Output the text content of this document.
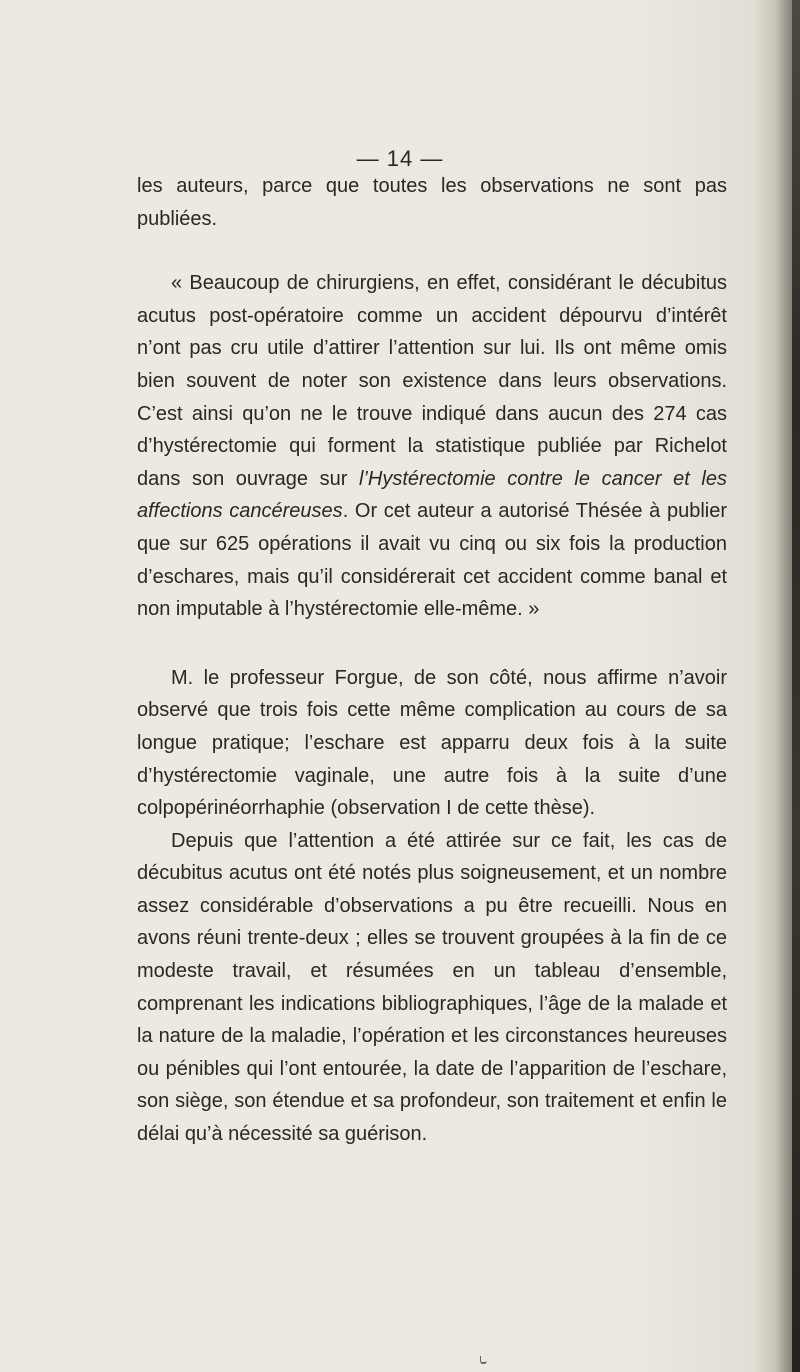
— 14 —

les auteurs, parce que toutes les observations ne sont pas publiées.

« Beaucoup de chirurgiens, en effet, considérant le décubitus acutus post-opératoire comme un accident dépourvu d’intérêt n’ont pas cru utile d’attirer l’attention sur lui. Ils ont même omis bien souvent de noter son existence dans leurs observations. C’est ainsi qu’on ne le trouve indiqué dans aucun des 274 cas d’hystérectomie qui forment la statistique publiée par Richelot dans son ouvrage sur l’Hystérectomie contre le cancer et les affections cancéreuses. Or cet auteur a autorisé Thésée à publier que sur 625 opérations il avait vu cinq ou six fois la production d’eschares, mais qu’il considérerait cet accident comme banal et non imputable à l’hystérectomie elle-même. »

M. le professeur Forgue, de son côté, nous affirme n’avoir observé que trois fois cette même complication au cours de sa longue pratique; l’eschare est apparru deux fois à la suite d’hystérectomie vaginale, une autre fois à la suite d’une colpopérinéorrhaphie (observation I de cette thèse).

Depuis que l’attention a été attirée sur ce fait, les cas de décubitus acutus ont été notés plus soigneusement, et un nombre assez considérable d’observations a pu être recueilli. Nous en avons réuni trente-deux ; elles se trouvent groupées à la fin de ce modeste travail, et résumées en un tableau d’ensemble, comprenant les indications bibliographiques, l’âge de la malade et la nature de la maladie, l’opération et les circonstances heureuses ou pénibles qui l’ont entourée, la date de l’apparition de l’eschare, son siège, son étendue et sa profondeur, son traitement et enfin le délai qu’à nécessité sa guérison.
